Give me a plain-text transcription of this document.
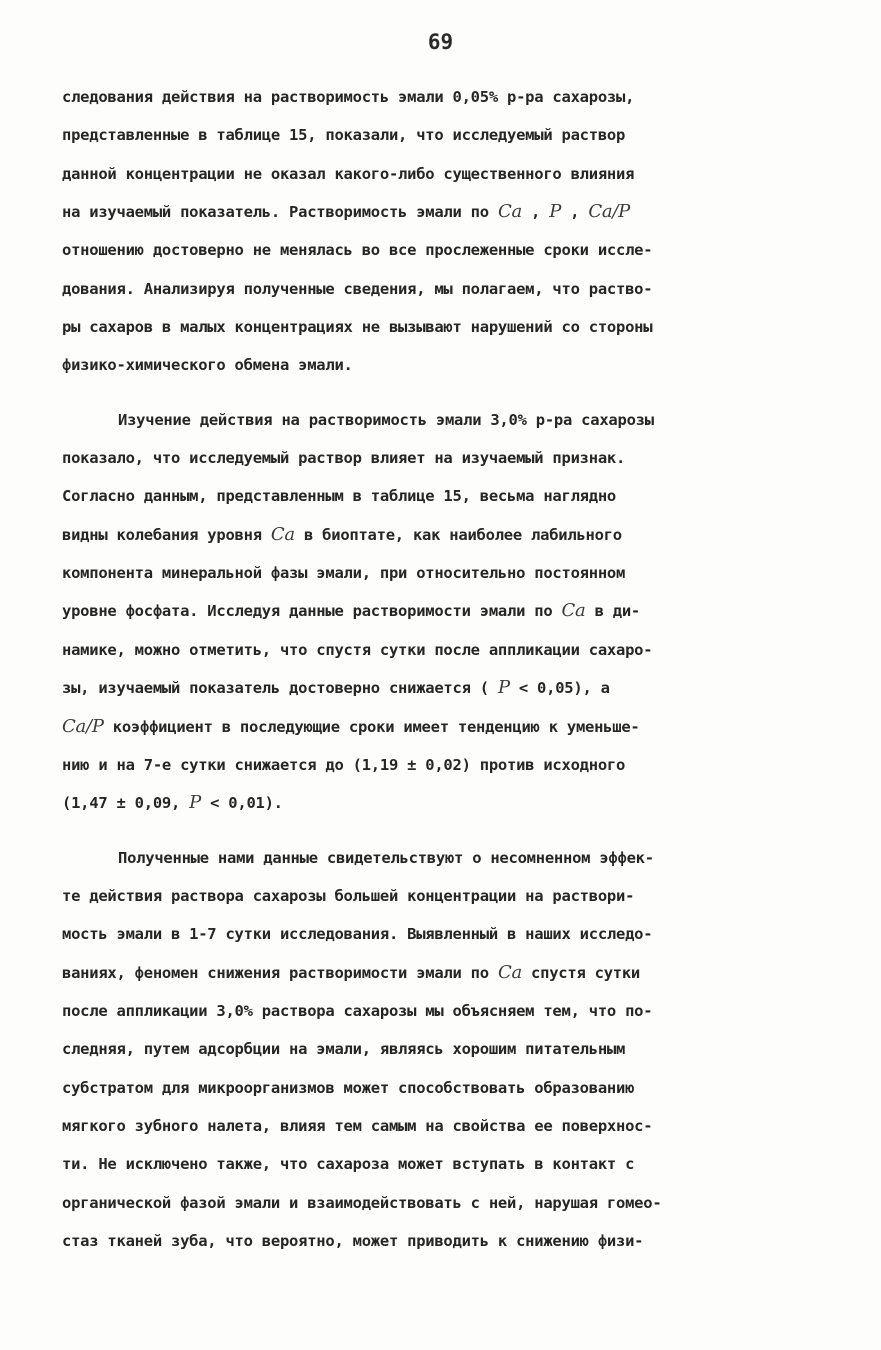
69
следования действия на растворимость эмали 0,05% р-ра сахарозы,
представленные в таблице 15, показали, что исследуемый раствор
данной концентрации не оказал какого-либо существенного влияния
на изучаемый показатель. Растворимость эмали по Ca , P , Ca/P
отношению достоверно не менялась во все прослеженные сроки иссле-
дования. Анализируя полученные сведения, мы полагаем, что раство-
ры сахаров в малых концентрациях не вызывают нарушений со стороны
физико-химического обмена эмали.
Изучение действия на растворимость эмали 3,0% р-ра сахарозы
показало, что исследуемый раствор влияет на изучаемый признак.
Согласно данным, представленным в таблице 15, весьма наглядно
видны колебания уровня Ca в биоптате, как наиболее лабильного
компонента минеральной фазы эмали, при относительно постоянном
уровне фосфата. Исследуя данные растворимости эмали по Ca в ди-
намике, можно отметить, что спустя сутки после аппликации сахаро-
зы, изучаемый показатель достоверно снижается ( P < 0,05), а
Ca/P коэффициент в последующие сроки имеет тенденцию к уменьше-
нию и на 7-е сутки снижается до (1,19 ± 0,02) против исходного
(1,47 ± 0,09, P < 0,01).
Полученные нами данные свидетельствуют о несомненном эффек-
те действия раствора сахарозы большей концентрации на раствори-
мость эмали в 1-7 сутки исследования. Выявленный в наших исследо-
ваниях, феномен снижения растворимости эмали по Ca спустя сутки
после аппликации 3,0% раствора сахарозы мы объясняем тем, что по-
следняя, путем адсорбции на эмали, являясь хорошим питательным
субстратом для микроорганизмов может способствовать образованию
мягкого зубного налета, влияя тем самым на свойства ее поверхнос-
ти. Не исключено также, что сахароза может вступать в контакт с
органической фазой эмали и взаимодействовать с ней, нарушая гомео-
стаз тканей зуба, что вероятно, может приводить к снижению физи-
